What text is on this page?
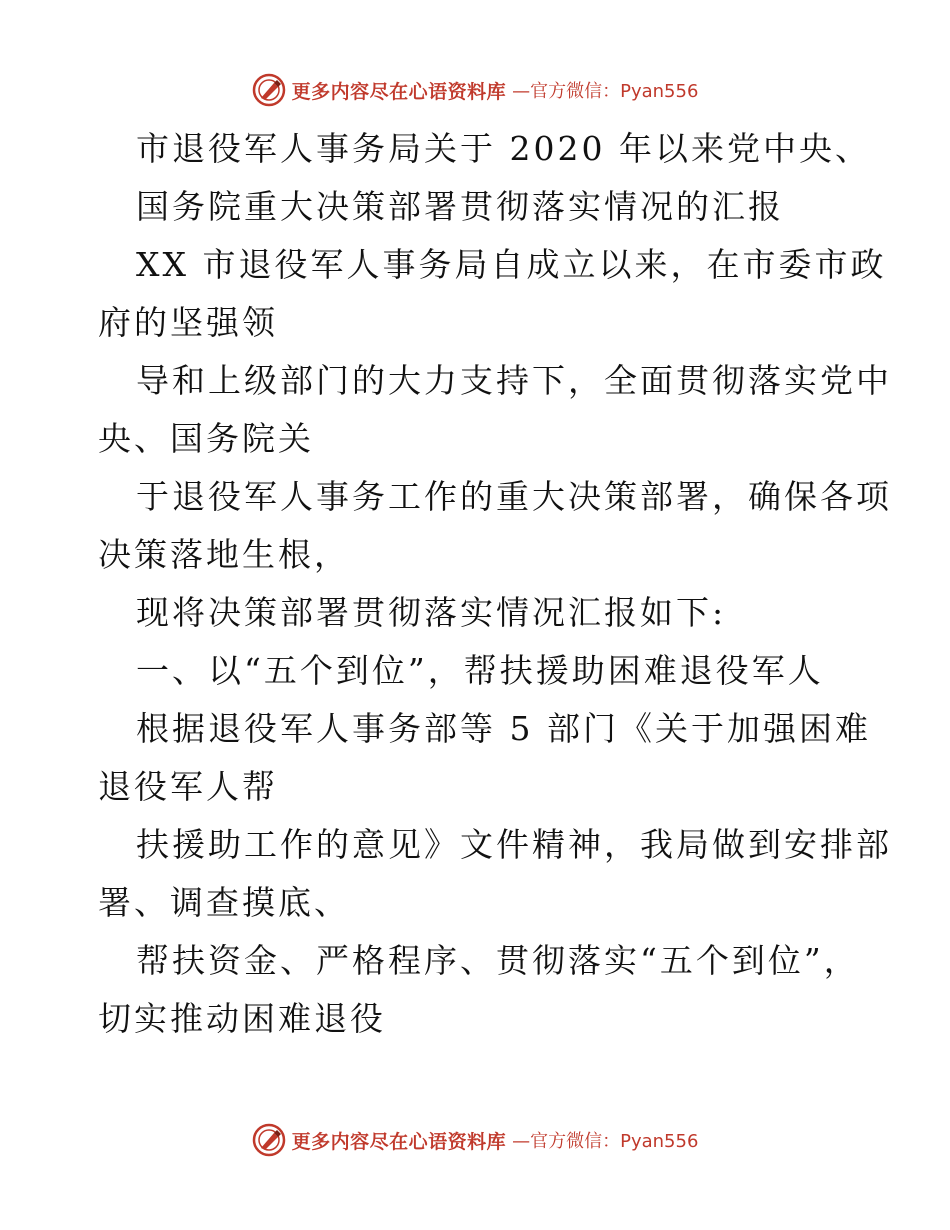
更多内容尽在心语资料库 —官方微信：Pyan556
市退役军人事务局关于 2020 年以来党中央、
国务院重大决策部署贯彻落实情况的汇报
XX 市退役军人事务局自成立以来，在市委市政
府的坚强领
导和上级部门的大力支持下，全面贯彻落实党中
央、国务院关
于退役军人事务工作的重大决策部署，确保各项
决策落地生根，
现将决策部署贯彻落实情况汇报如下:
一、以“五个到位”，帮扶援助困难退役军人
根据退役军人事务部等 5 部门《关于加强困难
退役军人帮
扶援助工作的意见》文件精神，我局做到安排部
署、调查摸底、
帮扶资金、严格程序、贯彻落实“五个到位”，
切实推动困难退役
更多内容尽在心语资料库 —官方微信：Pyan556
